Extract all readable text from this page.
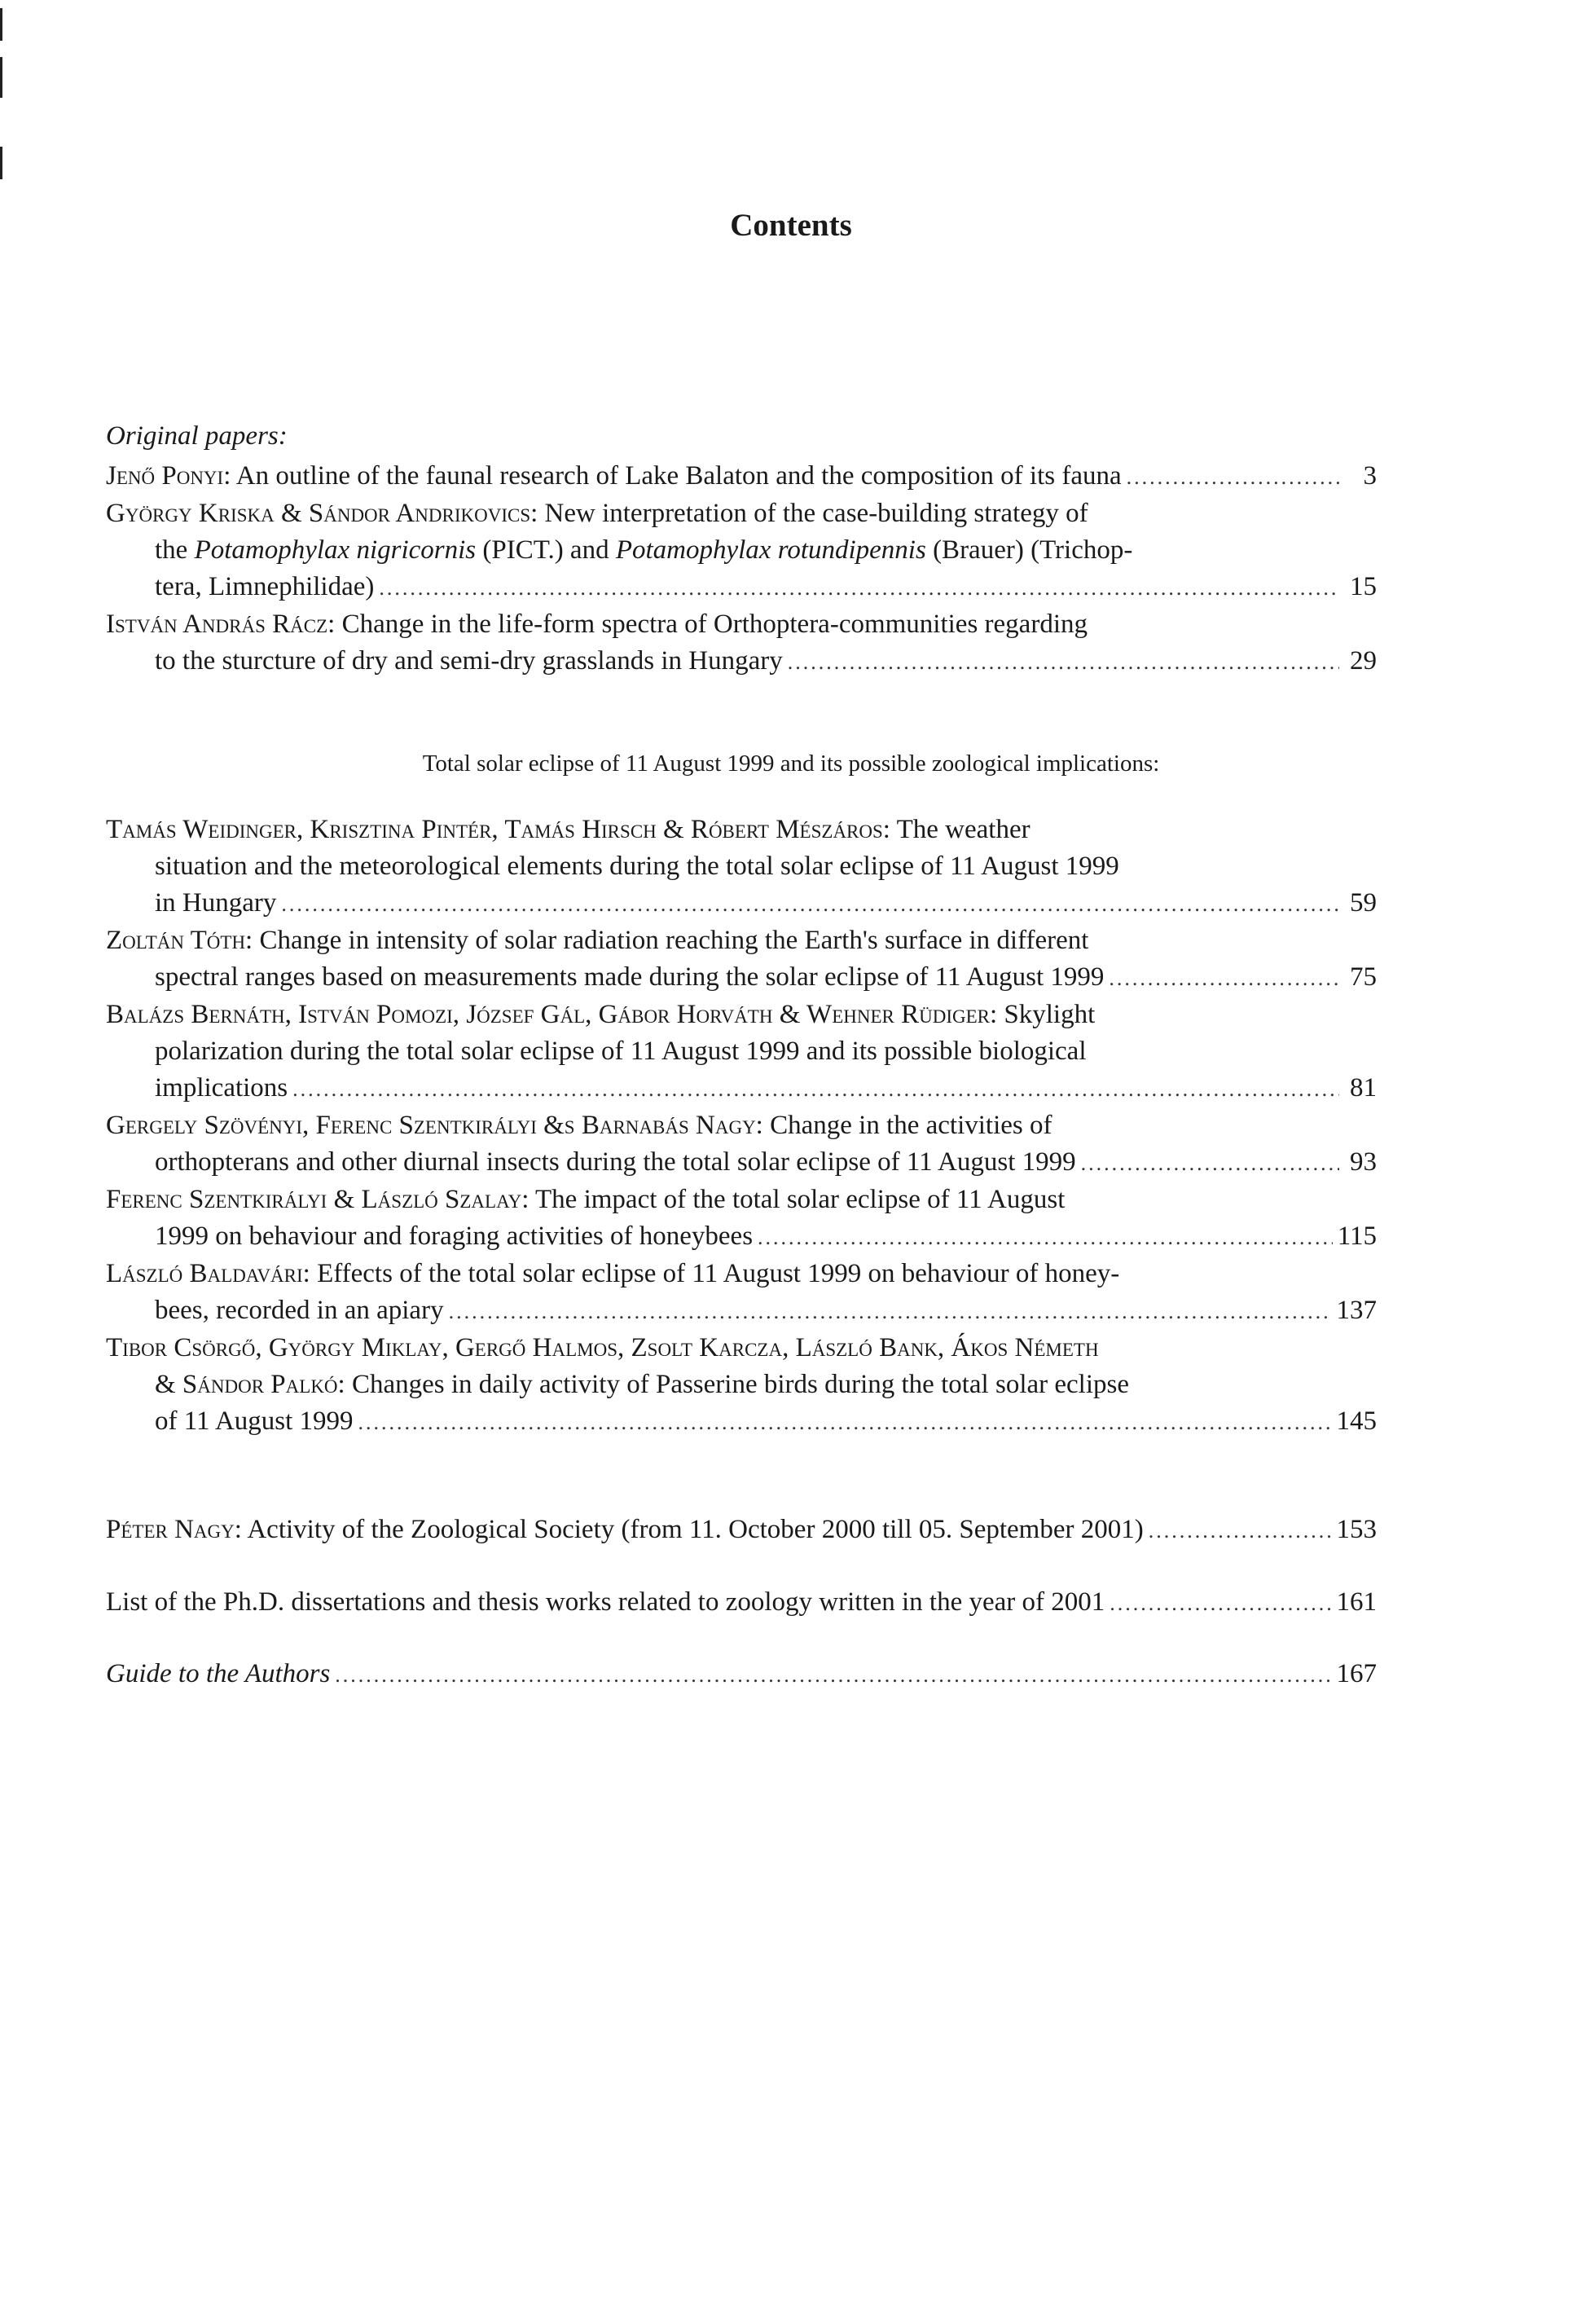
Contents
Original papers:
Jenő Ponyi: An outline of the faunal research of Lake Balaton and the composition of its fauna .....	3
György Kriska & Sándor Andrikovics: New interpretation of the case-building strategy of
the Potamophylax nigricornis (PICT.) and Potamophylax rotundipennis (Brauer) (Trichop-
tera, Limnephilidae) .....	15
István András Rácz: Change in the life-form spectra of Orthoptera-communities regarding
to the sturcture of dry and semi-dry grasslands in Hungary .....	29
Total solar eclipse of 11 August 1999 and its possible zoological implications:
Tamás Weidinger, Krisztina Pintér, Tamás Hirsch & Róbert Mészáros: The weather
situation and the meteorological elements during the total solar eclipse of 11 August 1999
in Hungary .....	59
Zoltán Tóth: Change in intensity of solar radiation reaching the Earth's surface in different
spectral ranges based on measurements made during the solar eclipse of 11 August 1999 .....	75
Balázs Bernáth, István Pomozi, József Gál, Gábor Horváth & Wehner Rüdiger: Skylight
polarization during the total solar eclipse of 11 August 1999 and its possible biological
implications .....	81
Gergely Szövényi, Ferenc Szentkirályi &s Barnabás Nagy: Change in the activities of
orthopterans and other diurnal insects during the total solar eclipse of 11 August 1999 .....	93
Ferenc Szentkirályi & László Szalay: The impact of the total solar eclipse of 11 August
1999 on behaviour and foraging activities of honeybees .....	115
László Baldavári: Effects of the total solar eclipse of 11 August 1999 on behaviour of honey-
bees, recorded in an apiary .....	137
Tibor Csörgő, György Miklay, Gergő Halmos, Zsolt Karcza, László Bank, Ákos Németh
& Sándor Palkó: Changes in daily activity of Passerine birds during the total solar eclipse
of 11 August 1999 .....	145
Péter Nagy: Activity of the Zoological Society (from 11. October 2000 till 05. September 2001) .....	153
List of the Ph.D. dissertations and thesis works related to zoology written in the year of 2001 .....	161
Guide to the Authors .....	167
